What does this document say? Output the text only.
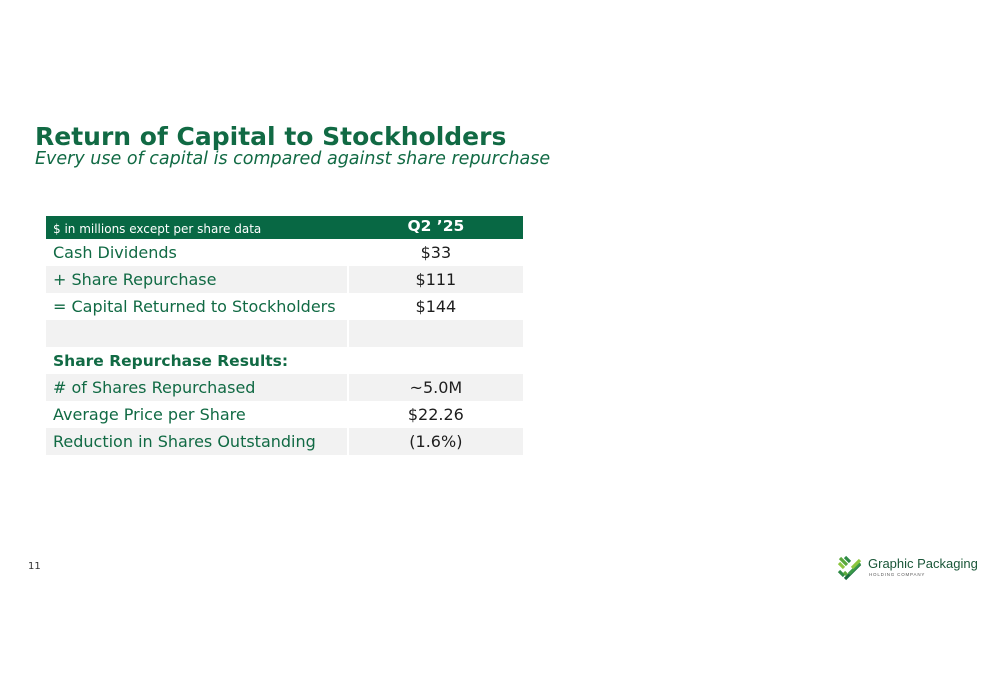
Return of Capital to Stockholders

Every use of capital is compared against share repurchase

$ in millions except per share data	Q2 ’25
Cash Dividends	$33
+ Share Repurchase	$111
= Capital Returned to Stockholders	$144
Share Repurchase Results:
# of Shares Repurchased	~5.0M
Average Price per Share	$22.26
Reduction in Shares Outstanding	(1.6%)
11	Graphic Packaging
HOLDING COMPANY
